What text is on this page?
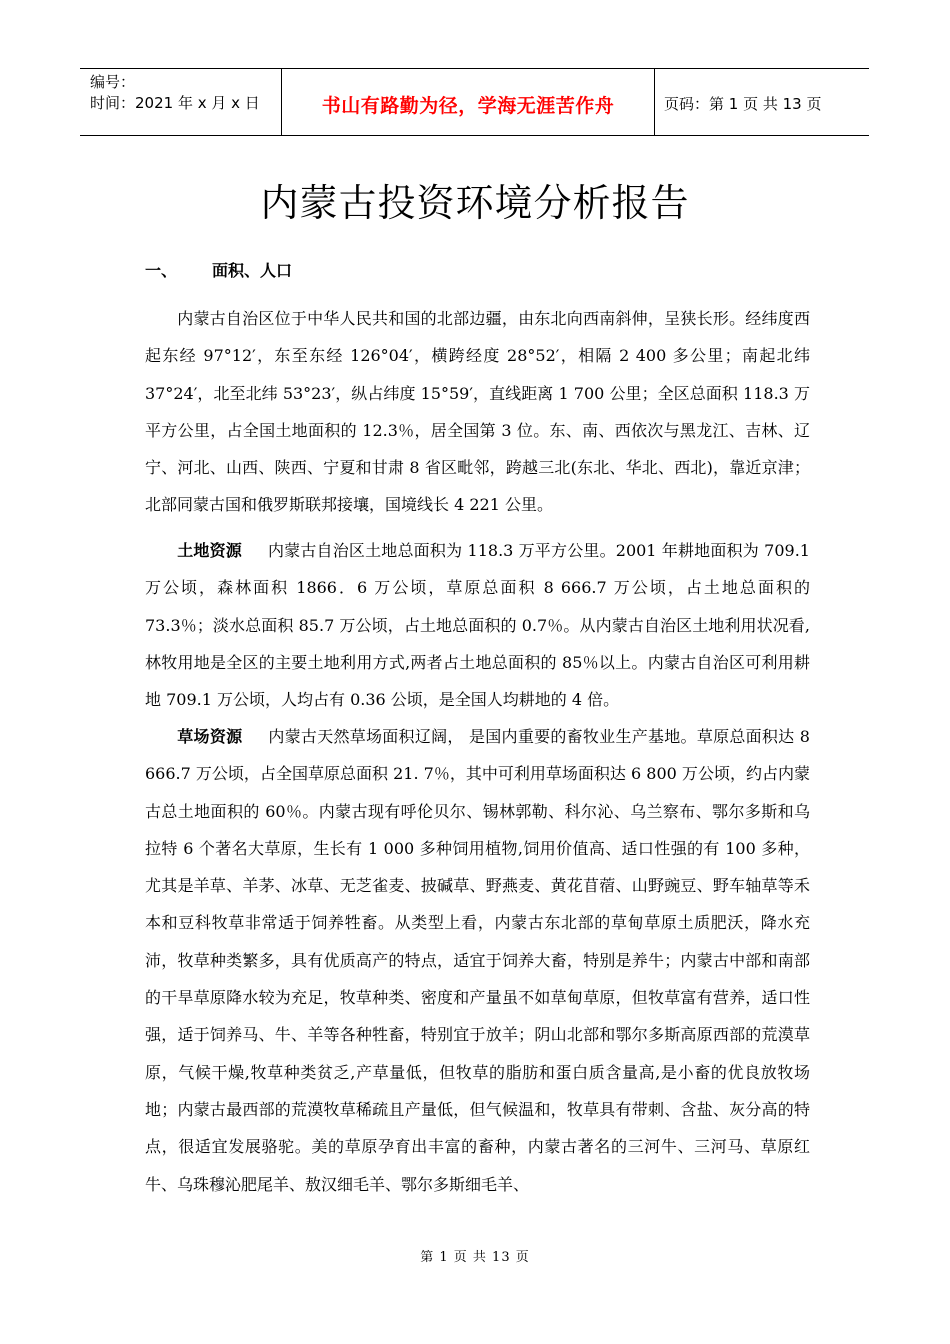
编号：
时间：2021 年 x 月 x 日	书山有路勤为径，学海无涯苦作舟	页码：第 1 页 共 13 页
内蒙古投资环境分析报告
一、	面积、人口

内蒙古自治区位于中华人民共和国的北部边疆，由东北向西南斜伸，呈狭长形。经纬度西起东经 97°12′，东至东经 126°04′，横跨经度 28°52′，相隔 2 400 多公里；南起北纬 37°24′，北至北纬 53°23′，纵占纬度 15°59′，直线距离 1 700 公里；全区总面积 118.3 万平方公里，占全国土地面积的 12.3％，居全国第 3 位。东、南、西依次与黑龙江、吉林、辽宁、河北、山西、陕西、宁夏和甘肃 8 省区毗邻，跨越三北(东北、华北、西北)，靠近京津；北部同蒙古国和俄罗斯联邦接壤，国境线长 4 221 公里。

土地资源 内蒙古自治区土地总面积为 118.3 万平方公里。2001 年耕地面积为 709.1 万公顷，森林面积 1866．6 万公顷，草原总面积 8 666.7 万公顷，占土地总面积的 73.3％；淡水总面积 85.7 万公顷，占土地总面积的 0.7％。从内蒙古自治区土地利用状况看,林牧用地是全区的主要土地利用方式,两者占土地总面积的 85％以上。内蒙古自治区可利用耕地 709.1 万公顷，人均占有 0.36 公顷，是全国人均耕地的 4 倍。

草场资源 内蒙古天然草场面积辽阔， 是国内重要的畜牧业生产基地。草原总面积达 8 666.7 万公顷，占全国草原总面积 21. 7％，其中可利用草场面积达 6 800 万公顷，约占内蒙古总土地面积的 60％。内蒙古现有呼伦贝尔、锡林郭勒、科尔沁、乌兰察布、鄂尔多斯和乌拉特 6 个著名大草原，生长有 1 000 多种饲用植物,饲用价值高、适口性强的有 100 多种，尤其是羊草、羊茅、冰草、无芝雀麦、披碱草、野燕麦、黄花苜蓿、山野豌豆、野车轴草等禾本和豆科牧草非常适于饲养牲畜。从类型上看，内蒙古东北部的草甸草原土质肥沃，降水充沛，牧草种类繁多，具有优质高产的特点，适宜于饲养大畜，特别是养牛；内蒙古中部和南部的干旱草原降水较为充足，牧草种类、密度和产量虽不如草甸草原，但牧草富有营养，适口性强，适于饲养马、牛、羊等各种牲畜，特别宜于放羊；阴山北部和鄂尔多斯高原西部的荒漠草原，气候干燥,牧草种类贫乏,产草量低，但牧草的脂肪和蛋白质含量高,是小畜的优良放牧场地；内蒙古最西部的荒漠牧草稀疏且产量低，但气候温和，牧草具有带刺、含盐、灰分高的特点，很适宜发展骆驼。美的草原孕育出丰富的畜种，内蒙古著名的三河牛、三河马、草原红牛、乌珠穆沁肥尾羊、敖汉细毛羊、鄂尔多斯细毛羊、

第 1 页 共 13 页
